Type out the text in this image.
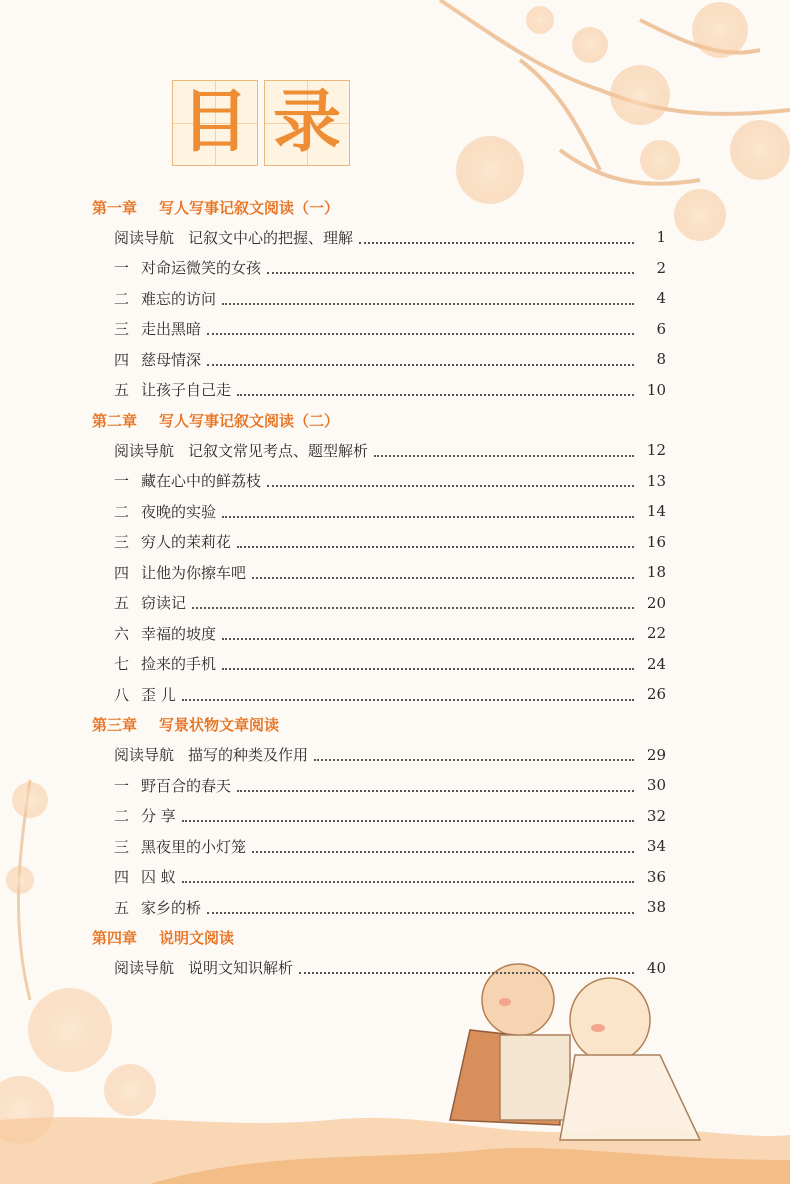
目 录
第一章 写人写事记叙文阅读（一）
阅读导航 记叙文中心的把握、理解	1
一 对命运微笑的女孩	2
二 难忘的访问	4
三 走出黑暗	6
四 慈母情深	8
五 让孩子自己走	10
第二章 写人写事记叙文阅读（二）
阅读导航 记叙文常见考点、题型解析	12
一 藏在心中的鲜荔枝	13
二 夜晚的实验	14
三 穷人的茉莉花	16
四 让他为你擦车吧	18
五 窃读记	20
六 幸福的坡度	22
七 捡来的手机	24
八 歪 儿	26
第三章 写景状物文章阅读
阅读导航 描写的种类及作用	29
一 野百合的春天	30
二 分 享	32
三 黑夜里的小灯笼	34
四 囚 蚁	36
五 家乡的桥	38
第四章 说明文阅读
阅读导航 说明文知识解析	40
